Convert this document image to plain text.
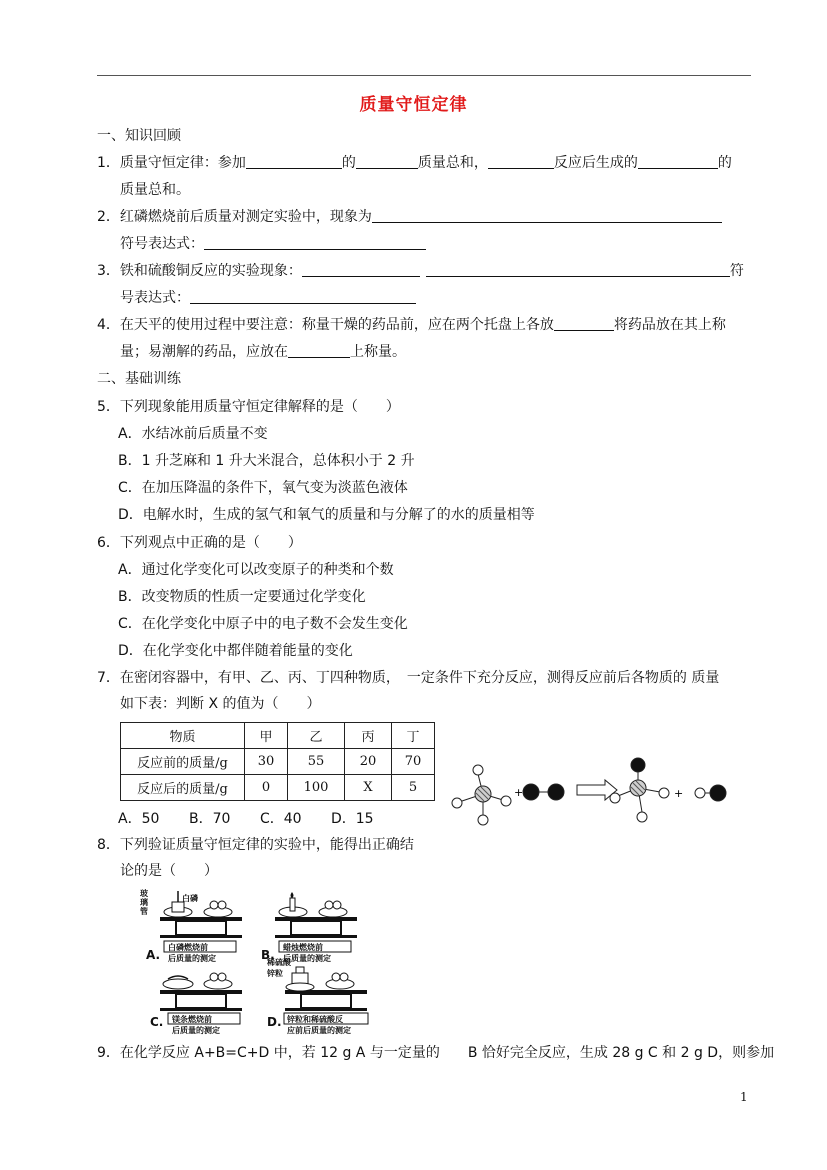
质量守恒定律
一、知识回顾
1．质量守恒定律：参加	的	质量总和，	反应后生成的	的
质量总和。
2．红磷燃烧前后质量对测定实验中，现象为
符号表达式：
3．铁和硫酸铜反应的实验现象：	符
号表达式：
4．在天平的使用过程中要注意：称量干燥的药品前，应在两个托盘上各放	将药品放在其上称
量；易潮解的药品，应放在	上称量。
二、基础训练
5．下列现象能用质量守恒定律解释的是（　　）
A．水结冰前后质量不变
B．1 升芝麻和 1 升大米混合，总体积小于 2 升
C．在加压降温的条件下，氧气变为淡蓝色液体
D．电解水时，生成的氢气和氧气的质量和与分解了的水的质量相等
6．下列观点中正确的是（　　）
A．通过化学变化可以改变原子的种类和个数
B．改变物质的性质一定要通过化学变化
C．在化学变化中原子中的电子数不会发生变化
D．在化学变化中都伴随着能量的变化
7．在密闭容器中，有甲、乙、丙、丁四种物质，　一定条件下充分反应，测得反应前后各物质的 质量
如下表：判断 X 的值为（　　）
物质	甲	乙	丙	丁
反应前的质量/g	30	55	20	70
反应后的质量/g	0	100	X	5
A．50 B．70 C．40 D．15
+	+
8．下列验证质量守恒定律的实验中，能得出正确结
论的是（　　）
玻
璃
管
白磷
A.
白磷燃烧前
后质量的测定	B.
蜡烛燃烧前
后质量的测定
C. 镁条燃烧前
后质量的测定
稀硫酸
锌粒
D. 锌粒和稀硫酸反
应前后质量的测定
9．在化学反应 A+B=C+D 中，若 12 g A 与一定量的　　B 恰好完全反应，生成 28 g C 和 2 g D，则参加
1
